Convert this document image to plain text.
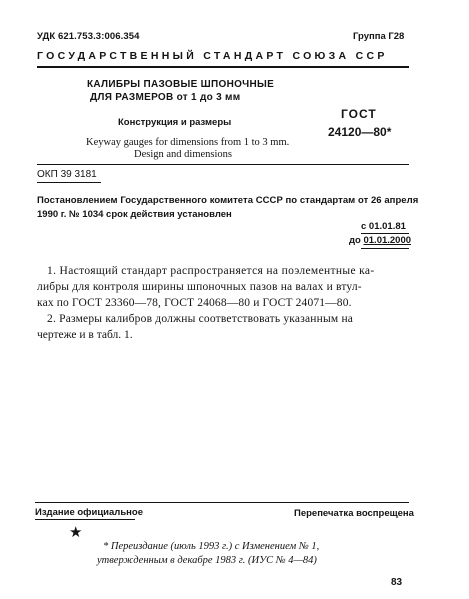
УДК 621.753.3:006.354	Группа Г28
ГОСУДАРСТВЕННЫЙ СТАНДАРТ СОЮЗА ССР
КАЛИБРЫ ПАЗОВЫЕ ШПОНОЧНЫЕ
ДЛЯ РАЗМЕРОВ от 1 до 3 мм
Конструкция и размеры
Keyway gauges for dimensions from 1 to 3 mm.
Design and dimensions
ГОСТ
24120—80*
ОКП 39 3181
Постановлением Государственного комитета СССР по стандартам от 26 апреля
1990 г. № 1034 срок действия установлен
с 01.01.81
до 01.01.2000
1. Настоящий стандарт распространяется на поэлементные ка-
либры для контроля ширины шпоночных пазов на валах и втул-
ках по ГОСТ 23360—78, ГОСТ 24068—80 и ГОСТ 24071—80.
2. Размеры калибров должны соответствовать указанным на
чертеже и в табл. 1.
Издание официальное	Перепечатка воспрещена
★
* Переиздание (июль 1993 г.) с Изменением № 1,
утвержденным в декабре 1983 г. (ИУС № 4—84)
83
